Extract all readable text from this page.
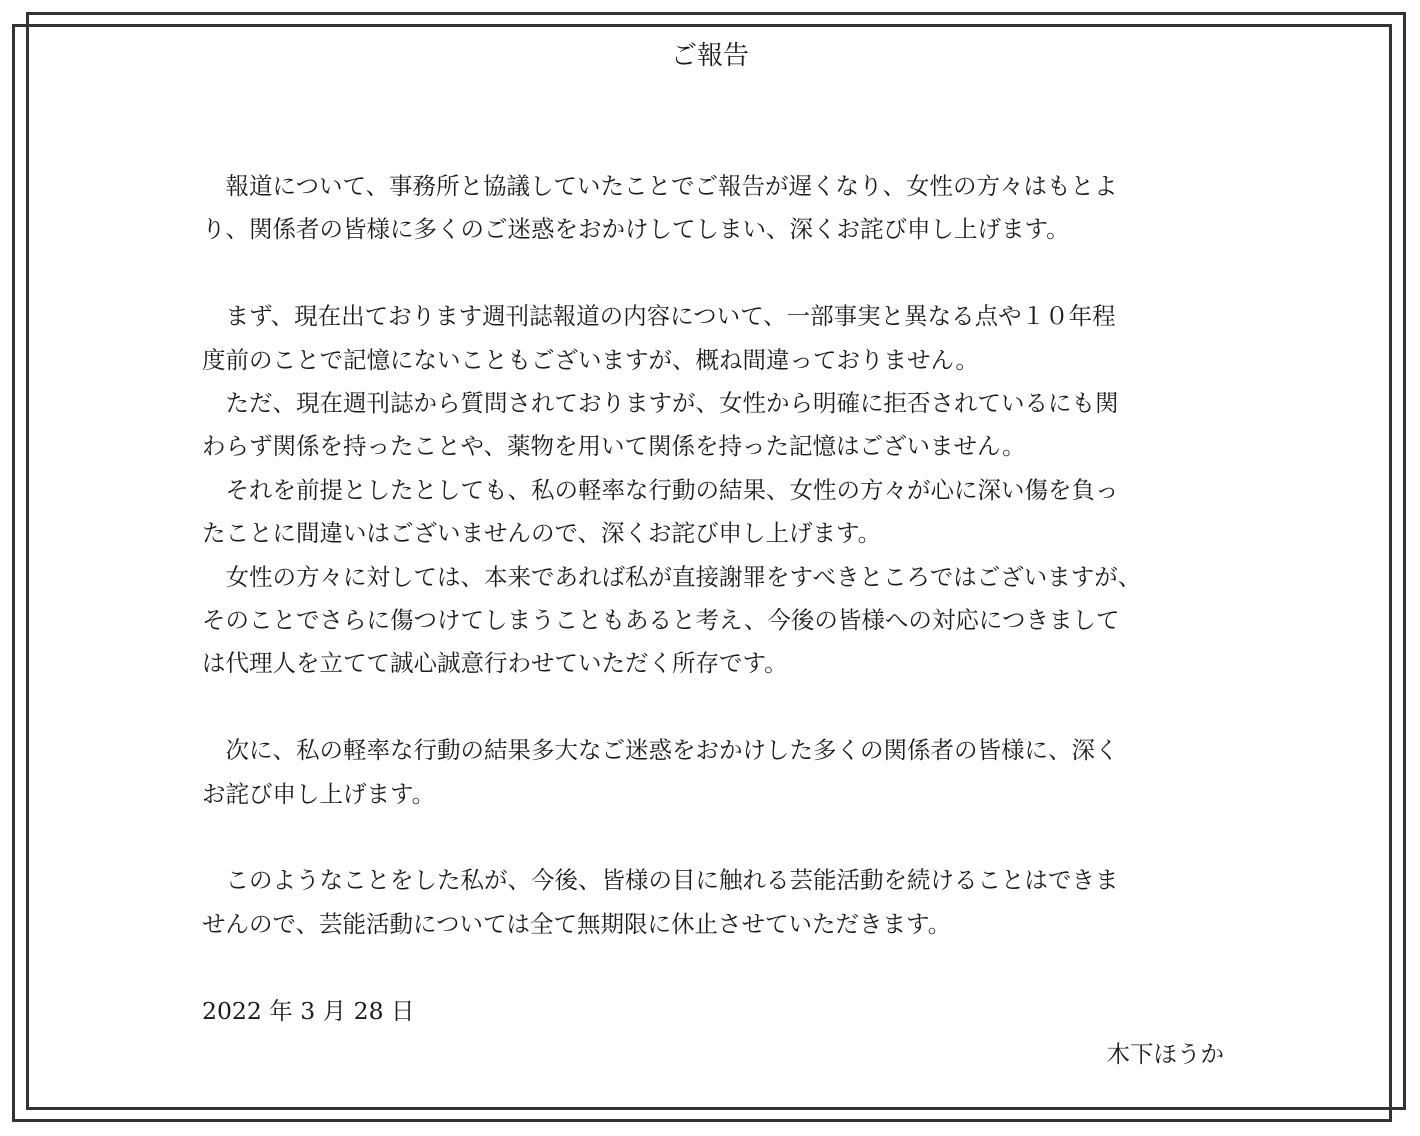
ご報告

報道について、事務所と協議していたことでご報告が遅くなり、女性の方々はもとよ
り、関係者の皆様に多くのご迷惑をおかけしてしまい、深くお詫び申し上げます。

まず、現在出ております週刊誌報道の内容について、一部事実と異なる点や１０年程
度前のことで記憶にないこともございますが、概ね間違っておりません。

ただ、現在週刊誌から質問されておりますが、女性から明確に拒否されているにも関
わらず関係を持ったことや、薬物を用いて関係を持った記憶はございません。

それを前提としたとしても、私の軽率な行動の結果、女性の方々が心に深い傷を負っ
たことに間違いはございませんので、深くお詫び申し上げます。

女性の方々に対しては、本来であれば私が直接謝罪をすべきところではございますが、
そのことでさらに傷つけてしまうこともあると考え、今後の皆様への対応につきまして
は代理人を立てて誠心誠意行わせていただく所存です。

次に、私の軽率な行動の結果多大なご迷惑をおかけした多くの関係者の皆様に、深く
お詫び申し上げます。

このようなことをした私が、今後、皆様の目に触れる芸能活動を続けることはできま
せんので、芸能活動については全て無期限に休止させていただきます。

2022 年 3 月 28 日

木下ほうか
